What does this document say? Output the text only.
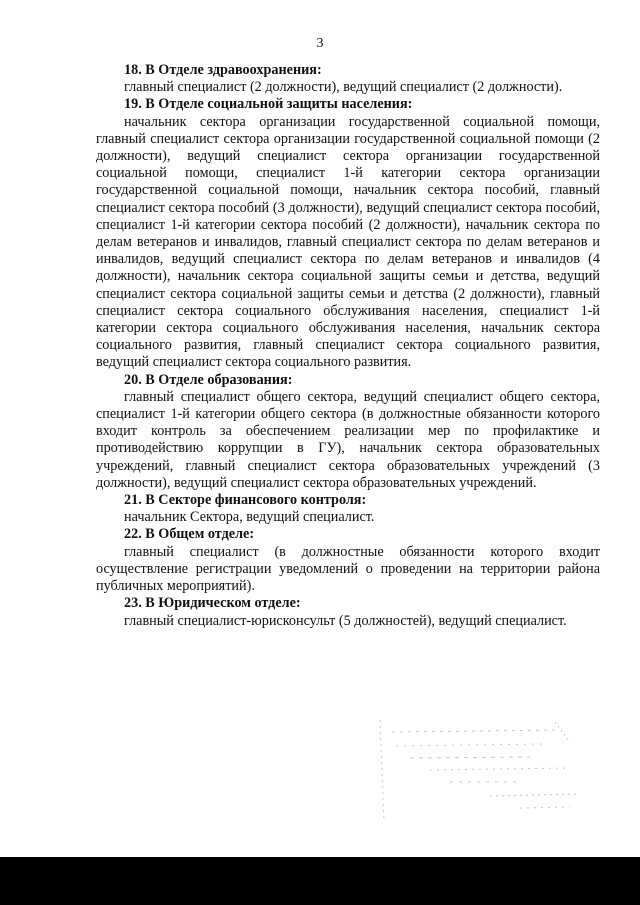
3
18. В Отделе здравоохранения:
главный специалист (2 должности), ведущий специалист (2 должности).
19. В Отделе социальной защиты населения:

начальник сектора организации государственной социальной помощи, главный специалист сектора организации государственной социальной помощи (2 должности), ведущий специалист сектора организации государственной социальной помощи, специалист 1-й категории сектора организации государственной социальной помощи, начальник сектора пособий, главный специалист сектора пособий (3 должности), ведущий специалист сектора пособий, специалист 1-й категории сектора пособий (2 должности), начальник сектора по делам ветеранов и инвалидов, главный специалист сектора по делам ветеранов и инвалидов, ведущий специалист сектора по делам ветеранов и инвалидов (4 должности), начальник сектора социальной защиты семьи и детства, ведущий специалист сектора социальной защиты семьи и детства (2 должности), главный специалист сектора социального обслуживания населения, специалист 1-й категории сектора социального обслуживания населения, начальник сектора социального развития, главный специалист сектора социального развития, ведущий специалист сектора социального развития.

20. В Отделе образования:

главный специалист общего сектора, ведущий специалист общего сектора, специалист 1-й категории общего сектора (в должностные обязанности которого входит контроль за обеспечением реализации мер по профилактике и противодействию коррупции в ГУ), начальник сектора образовательных учреждений, главный специалист сектора образовательных учреждений (3 должности), ведущий специалист сектора образовательных учреждений.

21. В Секторе финансового контроля:
начальник Сектора, ведущий специалист.
22. В Общем отделе:

главный специалист (в должностные обязанности которого входит осуществление регистрации уведомлений о проведении на территории района публичных мероприятий).

23. В Юридическом отделе:
главный специалист-юрисконсульт (5 должностей), ведущий специалист.
